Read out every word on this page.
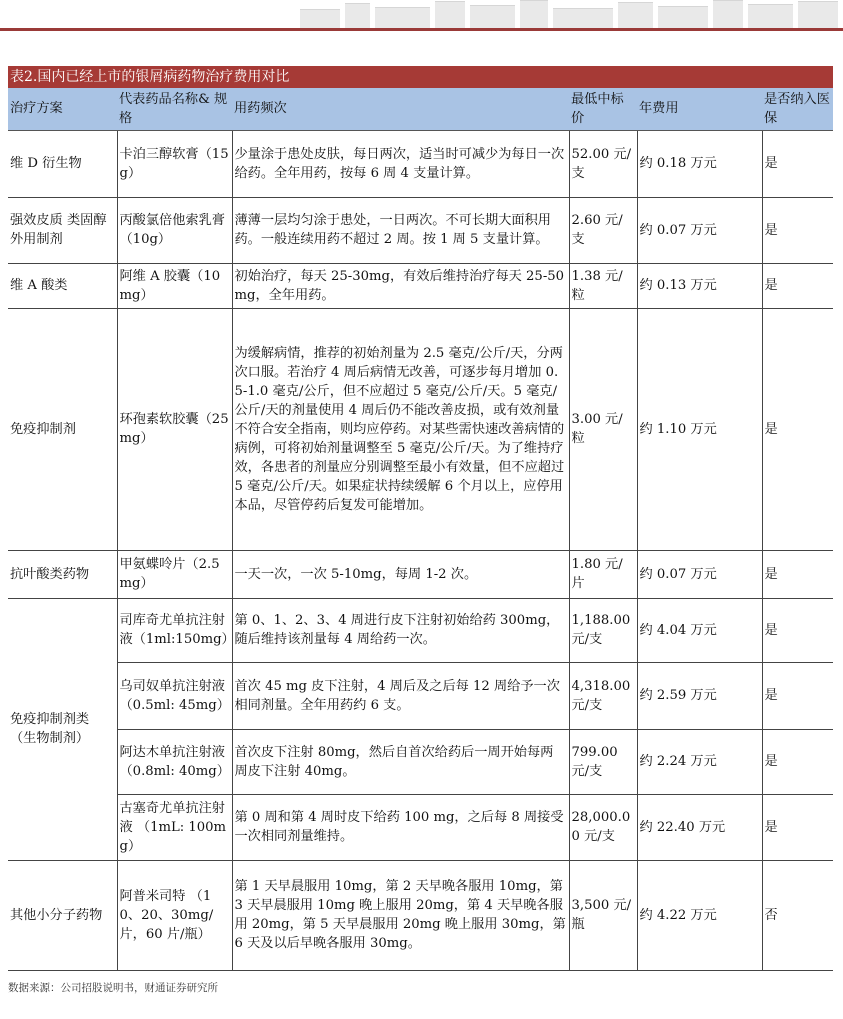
表2.国内已经上市的银屑病药物治疗费用对比
治疗方案	代表药品名称& 规格	用药频次	最低中标价	年费用	是否纳入医保
维 D 衍生物	卡泊三醇软膏（15g）	少量涂于患处皮肤，每日两次，适当时可减少为每日一次给药。全年用药，按每 6 周 4 支量计算。	52.00 元/支	约 0.18 万元	是
强效皮质 类固醇外用制剂	丙酸氯倍他索乳膏（10g）	薄薄一层均匀涂于患处，一日两次。不可长期大面积用药。一般连续用药不超过 2 周。按 1 周 5 支量计算。	2.60 元/支	约 0.07 万元	是
维 A 酸类	阿维 A 胶囊（10mg）	初始治疗，每天 25-30mg，有效后维持治疗每天 25-50mg，全年用药。	1.38 元/粒	约 0.13 万元	是
免疫抑制剂	环孢素软胶囊（25mg）	为缓解病情，推荐的初始剂量为 2.5 毫克/公斤/天，分两次口服。若治疗 4 周后病情无改善，可逐步每月增加 0.5-1.0 毫克/公斤，但不应超过 5 毫克/公斤/天。5 毫克/公斤/天的剂量使用 4 周后仍不能改善皮损，或有效剂量不符合安全指南，则均应停药。对某些需快速改善病情的病例，可将初始剂量调整至 5 毫克/公斤/天。为了维持疗效，各患者的剂量应分别调整至最小有效量，但不应超过 5 毫克/公斤/天。如果症状持续缓解 6 个月以上，应停用本品，尽管停药后复发可能增加。	3.00 元/粒	约 1.10 万元	是
抗叶酸类药物	甲氨蝶呤片（2.5mg）	一天一次，一次 5-10mg，每周 1-2 次。	1.80 元/片	约 0.07 万元	是
免疫抑制剂类（生物制剂）	司库奇尤单抗注射液（1ml:150mg）	第 0、1、2、3、4 周进行皮下注射初始给药 300mg，随后维持该剂量每 4 周给药一次。	1,188.00 元/支	约 4.04 万元	是
	乌司奴单抗注射液 （0.5ml: 45mg）	首次 45 mg 皮下注射，4 周后及之后每 12 周给予一次相同剂量。全年用药约 6 支。	4,318.00 元/支	约 2.59 万元	是
	阿达木单抗注射液 （0.8ml: 40mg）	首次皮下注射 80mg，然后自首次给药后一周开始每两周皮下注射 40mg。	799.00 元/支	约 2.24 万元	是
	古塞奇尤单抗注射液 （1mL: 100mg）	第 0 周和第 4 周时皮下给药 100 mg，之后每 8 周接受一次相同剂量维持。	28,000.00 元/支	约 22.40 万元	是
其他小分子药物	阿普米司特 （10、20、30mg/片，60 片/瓶）	第 1 天早晨服用 10mg，第 2 天早晚各服用 10mg，第 3 天早晨服用 10mg 晚上服用 20mg，第 4 天早晚各服用 20mg，第 5 天早晨服用 20mg 晚上服用 30mg，第 6 天及以后早晚各服用 30mg。	3,500 元/瓶	约 4.22 万元	否
数据来源：公司招股说明书，财通证券研究所
